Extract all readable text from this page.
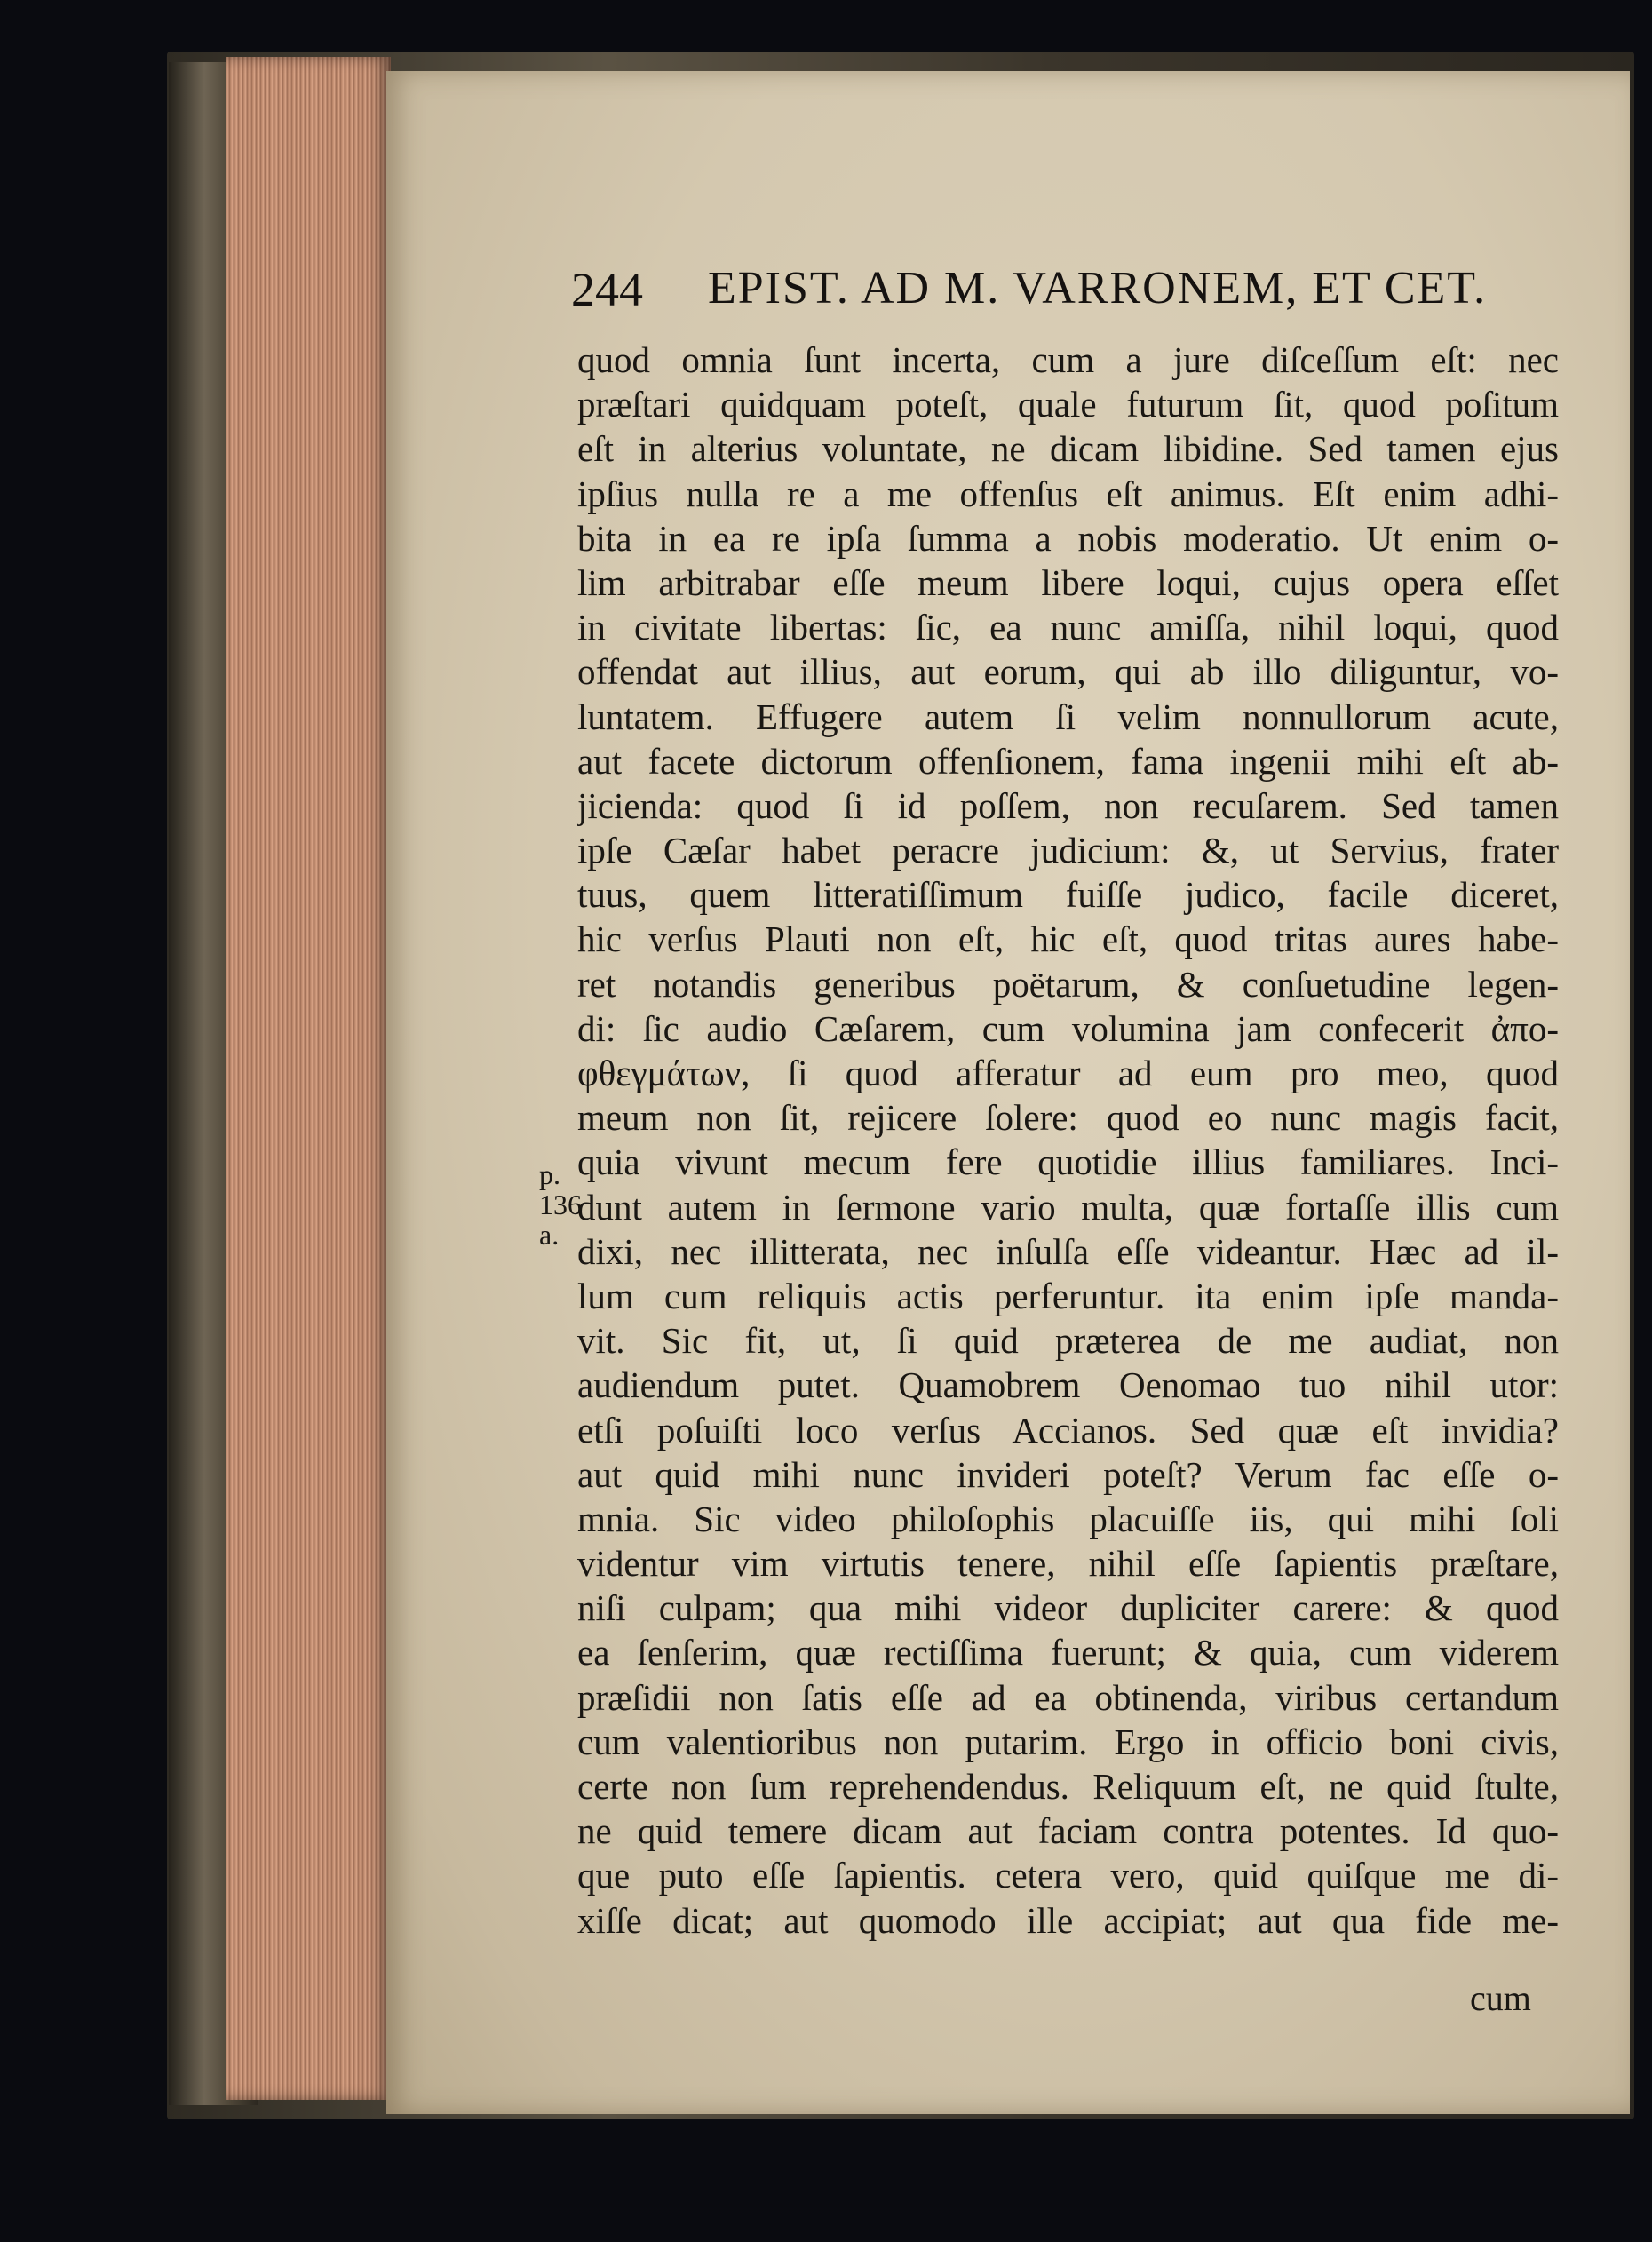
244 EPIST. AD M. VARRONEM, ET CET.
p.
136
a.
quod omnia ſunt incerta, cum a jure diſceſſum eſt: nec
præſtari quidquam poteſt, quale futurum ſit, quod poſitum
eſt in alterius voluntate, ne dicam libidine. Sed tamen ejus
ipſius nulla re a me offenſus eſt animus. Eſt enim adhi-
bita in ea re ipſa ſumma a nobis moderatio. Ut enim o-
lim arbitrabar eſſe meum libere loqui, cujus opera eſſet
in civitate libertas: ſic, ea nunc amiſſa, nihil loqui, quod
offendat aut illius, aut eorum, qui ab illo diliguntur, vo-
luntatem. Effugere autem ſi velim nonnullorum acute,
aut facete dictorum offenſionem, fama ingenii mihi eſt ab-
jicienda: quod ſi id poſſem, non recuſarem. Sed tamen
ipſe Cæſar habet peracre judicium: &, ut Servius, frater
tuus, quem litteratiſſimum fuiſſe judico, facile diceret,
hic verſus Plauti non eſt, hic eſt, quod tritas aures habe-
ret notandis generibus poëtarum, & conſuetudine legen-
di: ſic audio Cæſarem, cum volumina jam confecerit ἀπο-
φθεγμάτων, ſi quod afferatur ad eum pro meo, quod
meum non ſit, rejicere ſolere: quod eo nunc magis facit,
quia vivunt mecum fere quotidie illius familiares. Inci-
dunt autem in ſermone vario multa, quæ fortaſſe illis cum
dixi, nec illitterata, nec inſulſa eſſe videantur. Hæc ad il-
lum cum reliquis actis perferuntur. ita enim ipſe manda-
vit. Sic fit, ut, ſi quid præterea de me audiat, non
audiendum putet. Quamobrem Oenomao tuo nihil utor:
etſi poſuiſti loco verſus Accianos. Sed quæ eſt invidia?
aut quid mihi nunc invideri poteſt? Verum fac eſſe o-
mnia. Sic video philoſophis placuiſſe iis, qui mihi ſoli
videntur vim virtutis tenere, nihil eſſe ſapientis præſtare,
niſi culpam; qua mihi videor dupliciter carere: & quod
ea ſenſerim, quæ rectiſſima fuerunt; & quia, cum viderem
præſidii non ſatis eſſe ad ea obtinenda, viribus certandum
cum valentioribus non putarim. Ergo in officio boni civis,
certe non ſum reprehendendus. Reliquum eſt, ne quid ſtulte,
ne quid temere dicam aut faciam contra potentes. Id quo-
que puto eſſe ſapientis. cetera vero, quid quiſque me di-
xiſſe dicat; aut quomodo ille accipiat; aut qua fide me-
cum
